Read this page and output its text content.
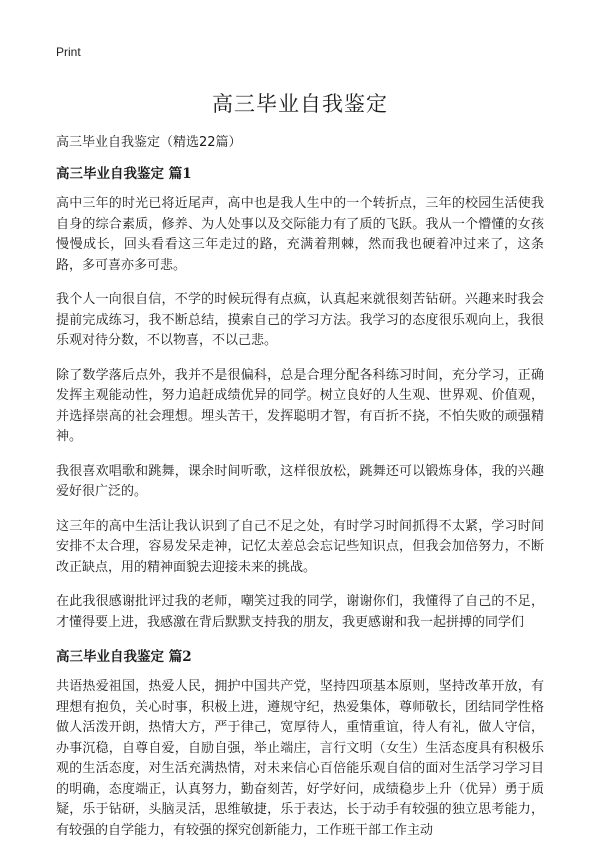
Print
高三毕业自我鉴定
高三毕业自我鉴定（精选22篇）
高三毕业自我鉴定 篇1

高中三年的时光已将近尾声，高中也是我人生中的一个转折点，三年的校园生活使我自身的综合素质，修养、为人处事以及交际能力有了质的飞跃。我从一个懵懂的女孩慢慢成长，回头看看这三年走过的路，充满着荆棘，然而我也硬着冲过来了，这条路，多可喜亦多可悲。

我个人一向很自信，不学的时候玩得有点疯，认真起来就很刻苦钻研。兴趣来时我会提前完成练习，我不断总结，摸索自己的学习方法。我学习的态度很乐观向上，我很乐观对待分数，不以物喜，不以己悲。

除了数学落后点外，我并不是很偏科，总是合理分配各科练习时间，充分学习，正确发挥主观能动性，努力追赶成绩优异的同学。树立良好的人生观、世界观、价值观，并选择崇高的社会理想。埋头苦干，发挥聪明才智，有百折不挠，不怕失败的顽强精神。

我很喜欢唱歌和跳舞，课余时间听歌，这样很放松，跳舞还可以锻炼身体，我的兴趣爱好很广泛的。

这三年的高中生活让我认识到了自己不足之处，有时学习时间抓得不太紧，学习时间安排不太合理，容易发呆走神，记忆太差总会忘记些知识点，但我会加倍努力，不断改正缺点，用的精神面貌去迎接未来的挑战。

在此我很感谢批评过我的老师，嘲笑过我的同学，谢谢你们，我懂得了自己的不足，才懂得要上进，我感激在背后默默支持我的朋友，我更感谢和我一起拼搏的同学们

高三毕业自我鉴定 篇2

共语热爱祖国，热爱人民，拥护中国共产党，坚持四项基本原则，坚持改革开放，有理想有抱负，关心时事，积极上进，遵规守纪，热爱集体，尊师敬长，团结同学性格做人活泼开朗，热情大方，严于律己，宽厚待人，重情重谊，待人有礼，做人守信，办事沉稳，自尊自爱，自励自强，举止端庄，言行文明（女生）生活态度具有积极乐观的生活态度，对生活充满热情，对未来信心百倍能乐观自信的面对生活学习学习目的明确，态度端正，认真努力，勤奋刻苦，好学好问，成绩稳步上升（优异）勇于质疑，乐于钻研，头脑灵活，思维敏捷，乐于表达，长于动手有较强的独立思考能力，有较强的自学能力，有较强的探究创新能力，工作班干部工作主动
